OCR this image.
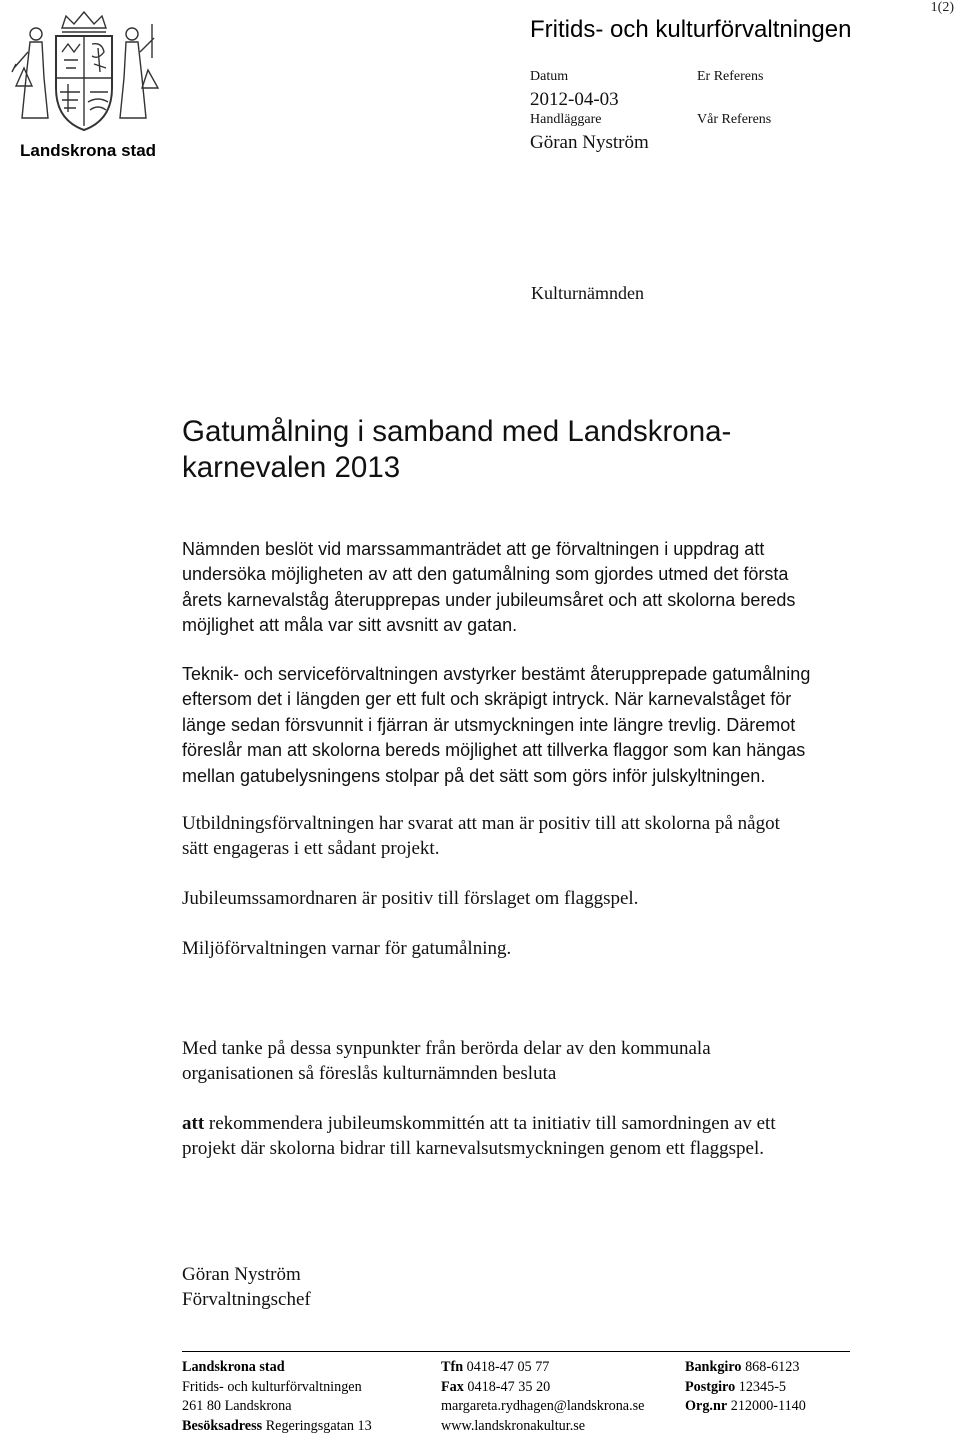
Landskrona stad
1(2)
Fritids- och kulturförvaltningen
Datum
2012-04-03
Handläggare
Göran Nyström
Er Referens
Vår Referens
Kulturnämnden
Gatumålning i samband med Landskrona-
karnevalen 2013
Nämnden beslöt vid marssammanträdet att ge förvaltningen i uppdrag att
undersöka möjligheten av att den gatumålning som gjordes utmed det första
årets karnevalståg återupprepas under jubileumsåret och att skolorna bereds
möjlighet att måla var sitt avsnitt av gatan.
Teknik- och serviceförvaltningen avstyrker bestämt återupprepade gatumålning
eftersom det i längden ger ett fult och skräpigt intryck. När karnevalståget för
länge sedan försvunnit i fjärran är utsmyckningen inte längre trevlig. Däremot
föreslår man att skolorna bereds möjlighet att tillverka flaggor som kan hängas
mellan gatubelysningens stolpar på det sätt som görs inför julskyltningen.
Utbildningsförvaltningen har svarat att man är positiv till att skolorna på något
sätt engageras i ett sådant projekt.
Jubileumssamordnaren är positiv till förslaget om flaggspel.
Miljöförvaltningen varnar för gatumålning.
Med tanke på dessa synpunkter från berörda delar av den kommunala
organisationen så föreslås kulturnämnden besluta
att rekommendera jubileumskommittén att ta initiativ till samordningen av ett
projekt där skolorna bidrar till karnevalsutsmyckningen genom ett flaggspel.
Göran Nyström
Förvaltningschef
Landskrona stad
Fritids- och kulturförvaltningen
261 80 Landskrona
Besöksadress Regeringsgatan 13
Tfn 0418-47 05 77
Fax 0418-47 35 20
margareta.rydhagen@landskrona.se
www.landskronakultur.se
Bankgiro 868-6123
Postgiro 12345-5
Org.nr 212000-1140
